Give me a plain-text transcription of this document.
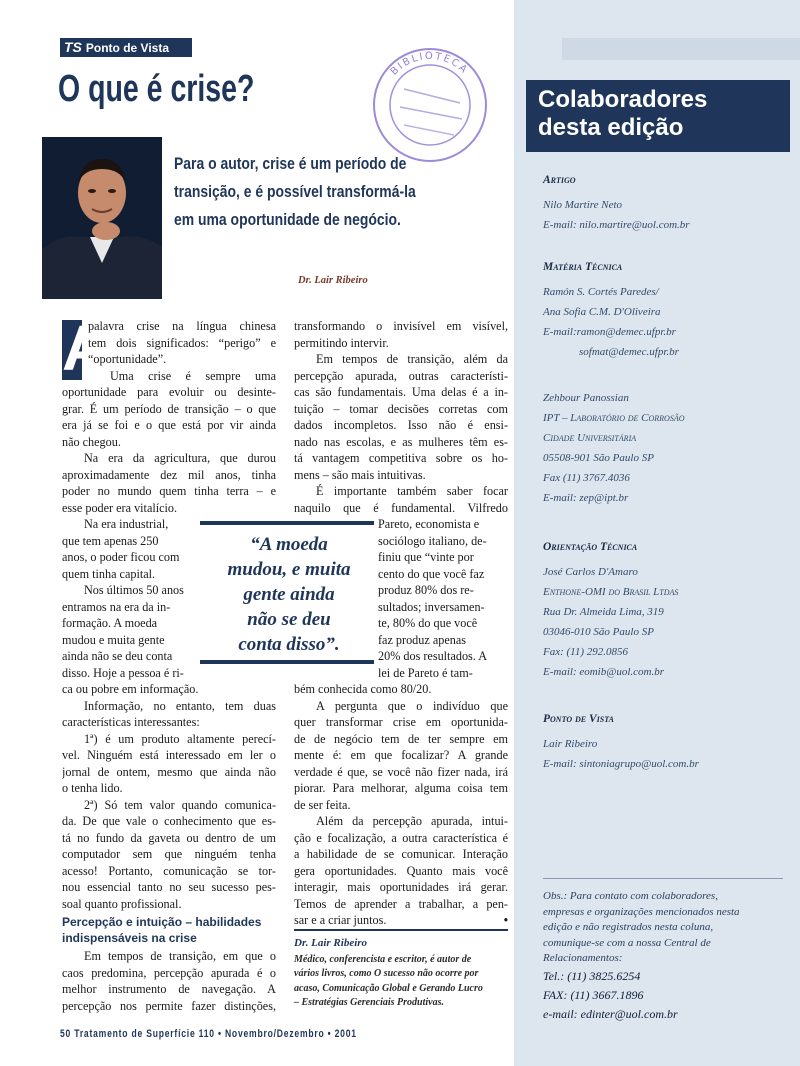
Colaboradores
desta edição
Artigo
Nilo Martire Neto
E-mail: nilo.martire@uol.com.br
Matéria Técnica
Ramón S. Cortés Paredes/
Ana Sofia C.M. D'Oliveira
E-mail:ramon@demec.ufpr.br
sofmat@demec.ufpr.br
Zehbour Panossian
IPT – Laboratório de Corrosão
Cidade Universitária
05508-901 São Paulo SP
Fax (11) 3767.4036
E-mail: zep@ipt.br
Orientação Técnica
José Carlos D'Amaro
Enthone-OMI do Brasil Ltdas
Rua Dr. Almeida Lima, 319
03046-010 São Paulo SP
Fax: (11) 292.0856
E-mail: eomib@uol.com.br
Ponto de Vista
Lair Ribeiro
E-mail: sintoniagrupo@uol.com.br
Obs.: Para contato com colaboradores,
empresas e organizações mencionados nesta
edição e não registrados nesta coluna,
comunique-se com a nossa Central de
Relacionamentos:
Tel.: (11) 3825.6254
FAX: (11) 3667.1896
e-mail: edinter@uol.com.br
TS Ponto de Vista
O que é crise?	BIBLIOTECA
Para o autor, crise é um período de
transição, e é possível transformá-la
em uma oportunidade de negócio.
Dr. Lair Ribeiro
A
palavra crise na língua chinesa
tem dois significados: “perigo” e
“oportunidade”.
Uma crise é sempre uma
oportunidade para evoluir ou desinte-
grar. É um período de transição – o que
era já se foi e o que está por vir ainda
não chegou.
Na era da agricultura, que durou
aproximadamente dez mil anos, tinha
poder no mundo quem tinha terra – e
esse poder era vitalício.
Na era industrial,
que tem apenas 250
anos, o poder ficou com
quem tinha capital.
Nos últimos 50 anos
entramos na era da in-
formação. A moeda
mudou e muita gente
ainda não se deu conta
disso. Hoje a pessoa é ri-
ca ou pobre em informação.
Informação, no entanto, tem duas
características interessantes:
1ª) é um produto altamente perecí-
vel. Ninguém está interessado em ler o
jornal de ontem, mesmo que ainda não
o tenha lido.
2ª) Só tem valor quando comunica-
da. De que vale o conhecimento que es-
tá no fundo da gaveta ou dentro de um
computador sem que ninguém tenha
acesso! Portanto, comunicação se tor-
nou essencial tanto no seu sucesso pes-
soal quanto profissional.
Percepção e intuição – habilidades
indispensáveis na crise
Em tempos de transição, em que o
caos predomina, percepção apurada é o
melhor instrumento de navegação. A
percepção nos permite fazer distinções,
transformando o invisível em visível,
permitindo intervir.
Em tempos de transição, além da
percepção apurada, outras característi-
cas são fundamentais. Uma delas é a in-
tuição – tomar decisões corretas com
dados incompletos. Isso não é ensi-
nado nas escolas, e as mulheres têm es-
tá vantagem competitiva sobre os ho-
mens – são mais intuitivas.
É importante também saber focar
naquilo que é fundamental. Vilfredo
Pareto, economista e
sociólogo italiano, de-
finiu que “vinte por
cento do que você faz
produz 80% dos re-
sultados; inversamen-
te, 80% do que você
faz produz apenas
20% dos resultados. A
lei de Pareto é tam-
bém conhecida como 80/20.
A pergunta que o indivíduo que
quer transformar crise em oportunida-
de de negócio tem de ter sempre em
mente é: em que focalizar? A grande
verdade é que, se você não fizer nada, irá
piorar. Para melhorar, alguma coisa tem
de ser feita.
Além da percepção apurada, intui-
ção e focalização, a outra característica é
a habilidade de se comunicar. Interação
gera oportunidades. Quanto mais você
interagir, mais oportunidades irá gerar.
Temos de aprender a trabalhar, a pen-
sar e a criar juntos.	•
“A moeda
mudou, e muita
gente ainda
não se deu
conta disso”.
Dr. Lair Ribeiro
Médico, conferencista e escritor, é autor de
vários livros, como O sucesso não ocorre por
acaso, Comunicação Global e Gerando Lucro
– Estratégias Gerenciais Produtivas.
50 Tratamento de Superfície 110 • Novembro/Dezembro • 2001
